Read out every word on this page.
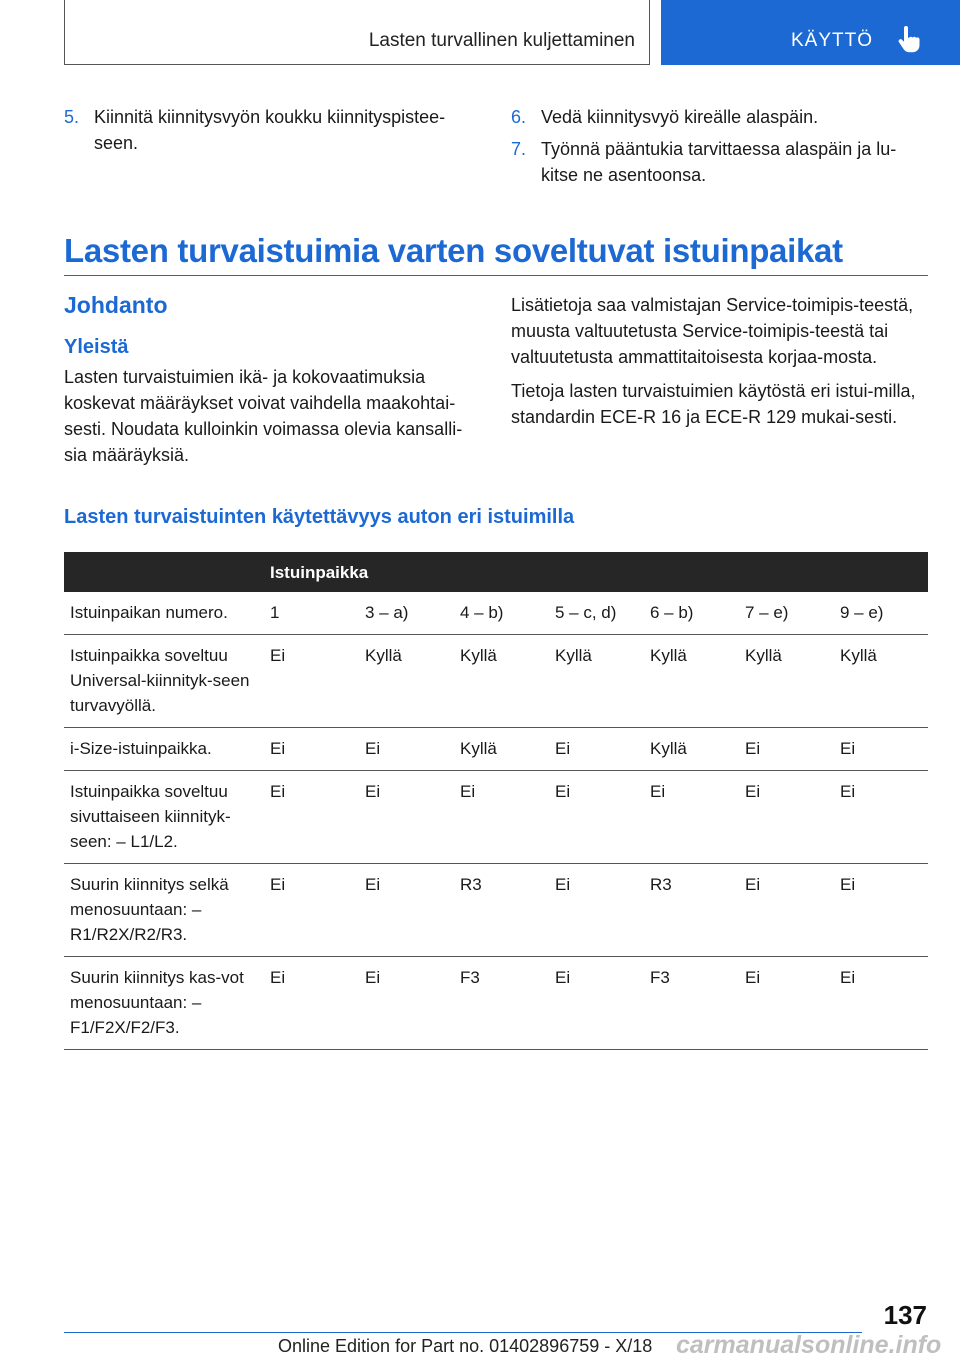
Lasten turvallinen kuljettaminen	KÄYTTÖ
5. Kiinnitä kiinnitysvyön koukku kiinnityspistee-seen.
6. Vedä kiinnitysvyö kireälle alaspäin.
7. Työnnä pääntukia tarvittaessa alaspäin ja lu-kitse ne asentoonsa.
Lasten turvaistuimia varten soveltuvat istuinpaikat
Johdanto
Yleistä
Lasten turvaistuimien ikä- ja kokovaatimuksia koskevat määräykset voivat vaihdella maakohtai-sesti. Noudata kulloinkin voimassa olevia kansalli-sia määräyksiä.
Lisätietoja saa valmistajan Service-toimipis-teestä, muusta valtuutetusta Service-toimipis-teestä tai valtuutetusta ammattitaitoisesta korjaa-mosta.
Tietoja lasten turvaistuimien käytöstä eri istui-milla, standardin ECE-R 16 ja ECE-R 129 mukai-sesti.
Lasten turvaistuinten käytettävyys auton eri istuimilla
	Istuinpaikka						
Istuinpaikan numero.	1	3 – a)	4 – b)	5 – c, d)	6 – b)	7 – e)	9 – e)
Istuinpaikka soveltuu Universal-kiinnityk-seen turvavyöllä.	Ei	Kyllä	Kyllä	Kyllä	Kyllä	Kyllä	Kyllä
i-Size-istuinpaikka.	Ei	Ei	Kyllä	Ei	Kyllä	Ei	Ei
Istuinpaikka soveltuu sivuttaiseen kiinnityk-seen: – L1/L2.	Ei	Ei	Ei	Ei	Ei	Ei	Ei
Suurin kiinnitys selkä menosuuntaan: – R1/R2X/R2/R3.	Ei	Ei	R3	Ei	R3	Ei	Ei
Suurin kiinnitys kas-vot menosuuntaan: – F1/F2X/F2/F3.	Ei	Ei	F3	Ei	F3	Ei	Ei
137
Online Edition for Part no. 01402896759 - X/18 carmanualsonline.info
